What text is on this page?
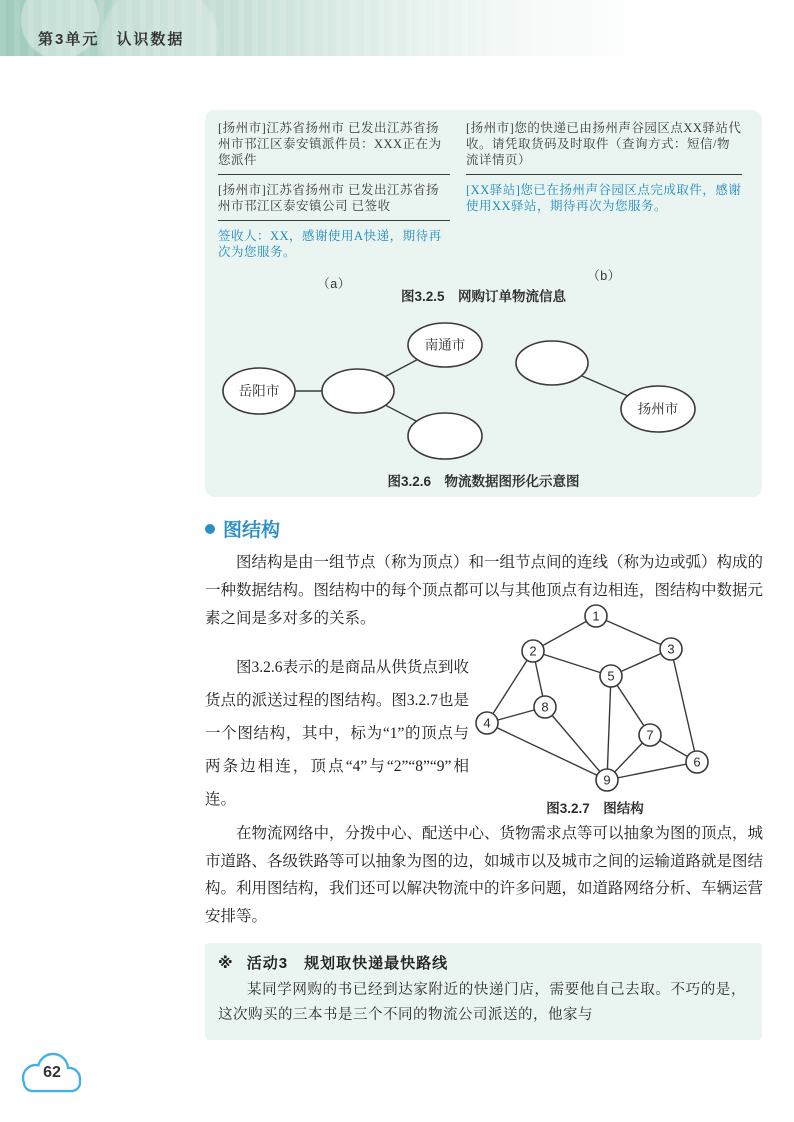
第3单元　认识数据
[扬州市]江苏省扬州市 已发出江苏省扬州市邗江区泰安镇派件员：XXX正在为您派件
[扬州市]江苏省扬州市 已发出江苏省扬州市邗江区泰安镇公司 已签收
签收人：XX，感谢使用A快递，期待再次为您服务。
（a）
[扬州市]您的快递已由扬州声谷园区点XX驿站代收。请凭取货码及时取件（查询方式：短信/物流详情页）
[XX驿站]您已在扬州声谷园区点完成取件，感谢使用XX驿站，期待再次为您服务。
（b）
图3.2.5　网购订单物流信息
岳阳市
南通市
扬州市
图3.2.6　物流数据图形化示意图
图结构
图结构是由一组节点（称为顶点）和一组节点间的连线（称为边或弧）构成的一种数据结构。图结构中的每个顶点都可以与其他顶点有边相连，图结构中数据元素之间是多对多的关系。
图3.2.6表示的是商品从供货点到收货点的派送过程的图结构。图3.2.7也是一个图结构，其中，标为“1”的顶点与两条边相连，顶点“4”与“2”“8”“9”相连。
1
2	3
4
5
6
7
8
9
图3.2.7　图结构
在物流网络中，分拨中心、配送中心、货物需求点等可以抽象为图的顶点，城市道路、各级铁路等可以抽象为图的边，如城市以及城市之间的运输道路就是图结构。利用图结构，我们还可以解决物流中的许多问题，如道路网络分析、车辆运营安排等。
※ 活动3　规划取快递最快路线
某同学网购的书已经到达家附近的快递门店，需要他自己去取。不巧的是，这次购买的三本书是三个不同的物流公司派送的，他家与
62
